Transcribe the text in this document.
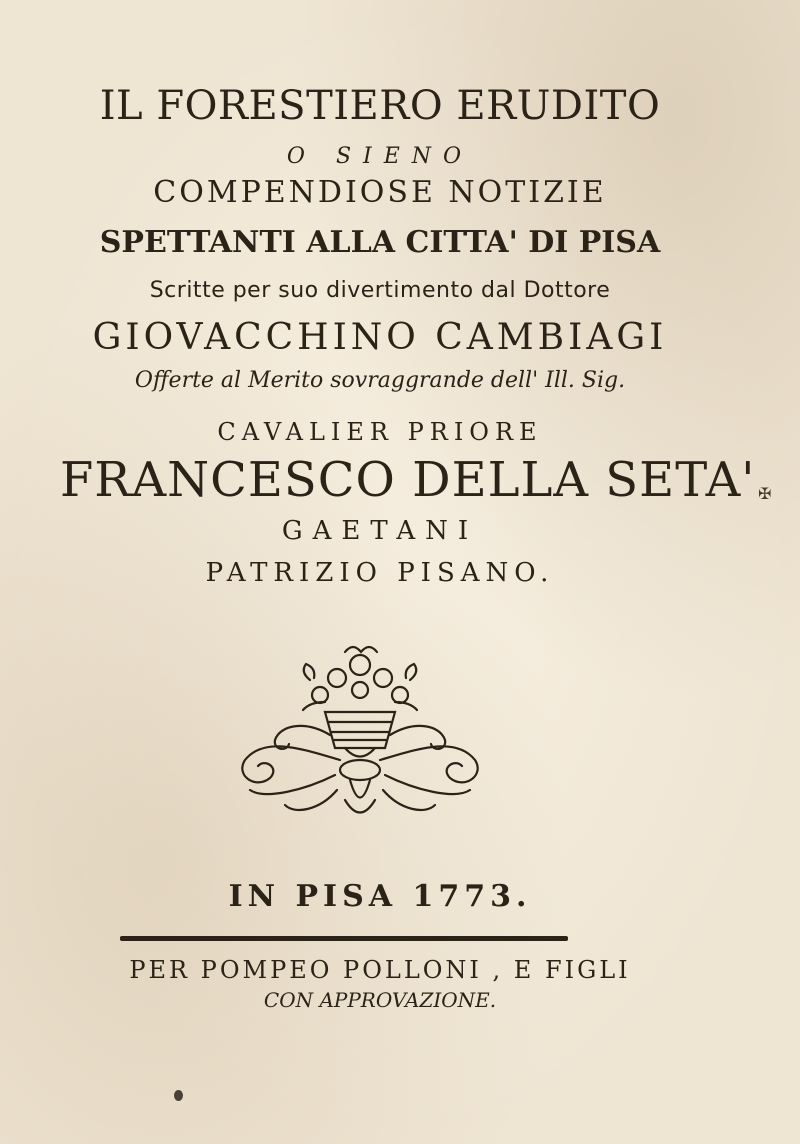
IL FORESTIERO ERUDITO
O SIENO
COMPENDIOSE NOTIZIE
SPETTANTI ALLA CITTA' DI PISA
Scritte per suo divertimento dal Dottore
GIOVACCHINO CAMBIAGI
Offerte al Merito sovraggrande dell' Ill. Sig.
CAVALIER PRIORE
FRANCESCO DELLA SETA'
GAETANI
PATRIZIO PISANO.
✠
IN PISA 1773.
PER POMPEO POLLONI , E FIGLI
CON APPROVAZIONE.
